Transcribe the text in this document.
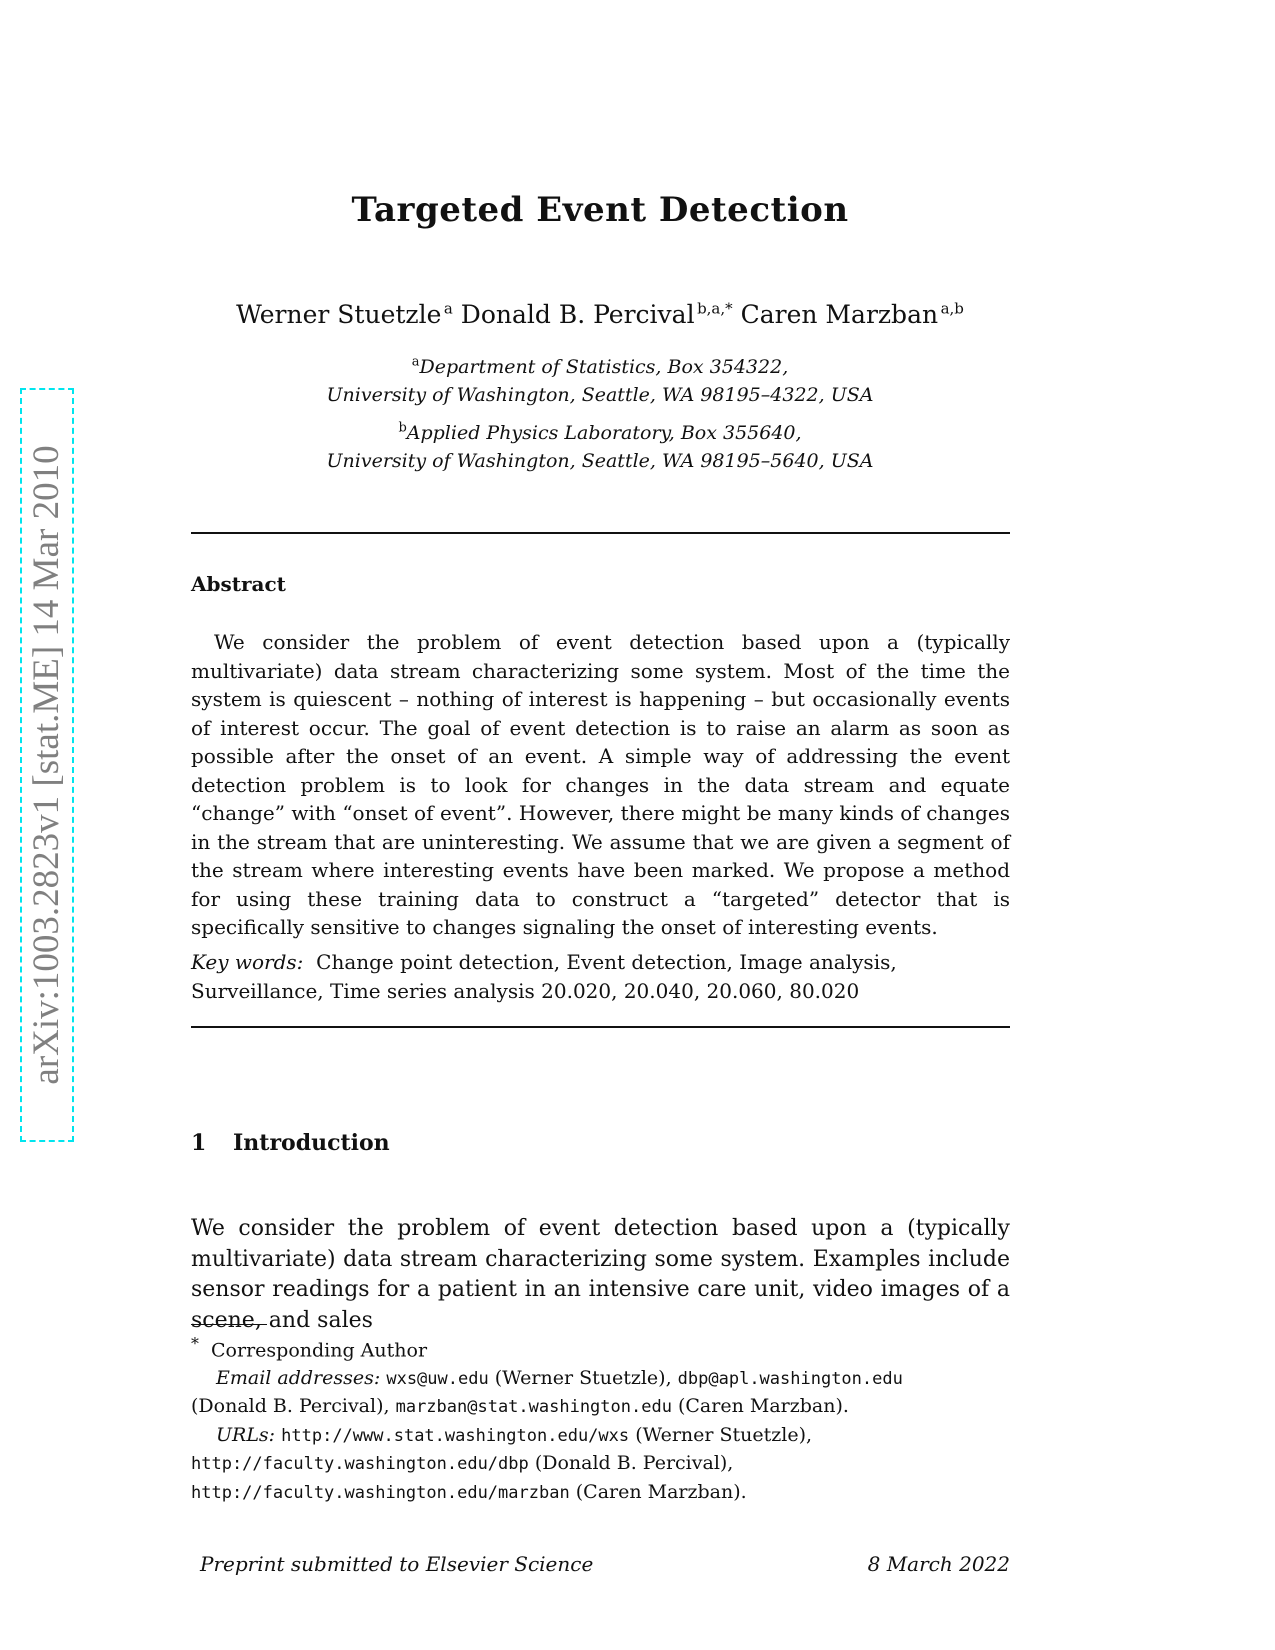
arXiv:1003.2823v1 [stat.ME] 14 Mar 2010
Targeted Event Detection
Werner Stuetzle  $^a$ Donald B. Percival  $^{b,a,*}$ Caren Marzban  $^{a,b}$
$^a$Department of Statistics, Box 354322,
University of Washington, Seattle, WA 98195–4322, USA
$^b$Applied Physics Laboratory, Box 355640,
University of Washington, Seattle, WA 98195–5640, USA
Abstract
We consider the problem of event detection based upon a (typically multivariate) data stream characterizing some system. Most of the time the system is quiescent – nothing of interest is happening – but occasionally events of interest occur. The goal of event detection is to raise an alarm as soon as possible after the onset of an event. A simple way of addressing the event detection problem is to look for changes in the data stream and equate “change” with “onset of event”. However, there might be many kinds of changes in the stream that are uninteresting. We assume that we are given a segment of the stream where interesting events have been marked. We propose a method for using these training data to construct a “targeted” detector that is specifically sensitive to changes signaling the onset of interesting events.
Key words: Change point detection, Event detection, Image analysis,
Surveillance, Time series analysis 20.020, 20.040, 20.060, 80.020
1 Introduction
We consider the problem of event detection based upon a (typically multivariate) data stream characterizing some system. Examples include sensor readings for a patient in an intensive care unit, video images of a scene, and sales
* Corresponding Author
Email addresses: wxs@uw.edu (Werner Stuetzle), dbp@apl.washington.edu
(Donald B. Percival), marzban@stat.washington.edu (Caren Marzban).
URLs: http://www.stat.washington.edu/wxs (Werner Stuetzle),
http://faculty.washington.edu/dbp (Donald B. Percival),
http://faculty.washington.edu/marzban (Caren Marzban).
Preprint submitted to Elsevier Science	8 March 2022
